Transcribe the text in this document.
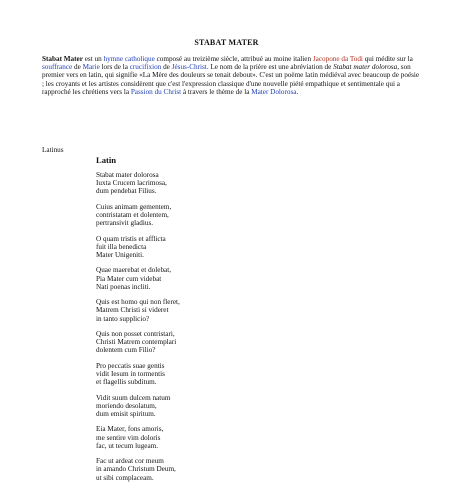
STABAT MATER

Stabat Mater est un hymne catholique composé au treizième siècle, attribué au moine italien Jacopone da Todi qui médite sur la souffrance de Marie lors de la crucifixion de Jésus-Christ. Le nom de la prière est une abréviation de Stabat mater dolorosa, son premier vers en latin, qui signifie «La Mère des douleurs se tenait debout». C'est un poème latin médiéval avec beaucoup de poésie ; les croyants et les artistes considèrent que c'est l'expression classique d'une nouvelle piété empathique et sentimentale qui a rapproché les chrétiens vers la Passion du Christ à travers le thème de la Mater Dolorosa.

Latinus
Latin
Stabat mater dolorosa
Iuxta Crucem lacrimosa,
dum pendebat Filius.
Cuius animam gementem,
contristatam et dolentem,
pertransivit gladius.
O quam tristis et afflicta
fuit illa benedicta
Mater Unigeniti.
Quae maerebat et dolebat,
Pia Mater cum videbat
Nati poenas incliti.
Quis est homo qui non fleret,
Matrem Christi si videret
in tanto supplicio?
Quis non posset contristari,
Christi Matrem contemplari
dolentem cum Filio?
Pro peccatis suae gentis
vidit Iesum in tormentis
et flagellis subditum.
Vidit suum dulcem natum
moriendo desolatum,
dum emisit spiritum.
Eia Mater, fons amoris,
me sentire vim doloris
fac, ut tecum lugeam.
Fac ut ardeat cor meum
in amando Christum Deum,
ut sibi complaceam.
